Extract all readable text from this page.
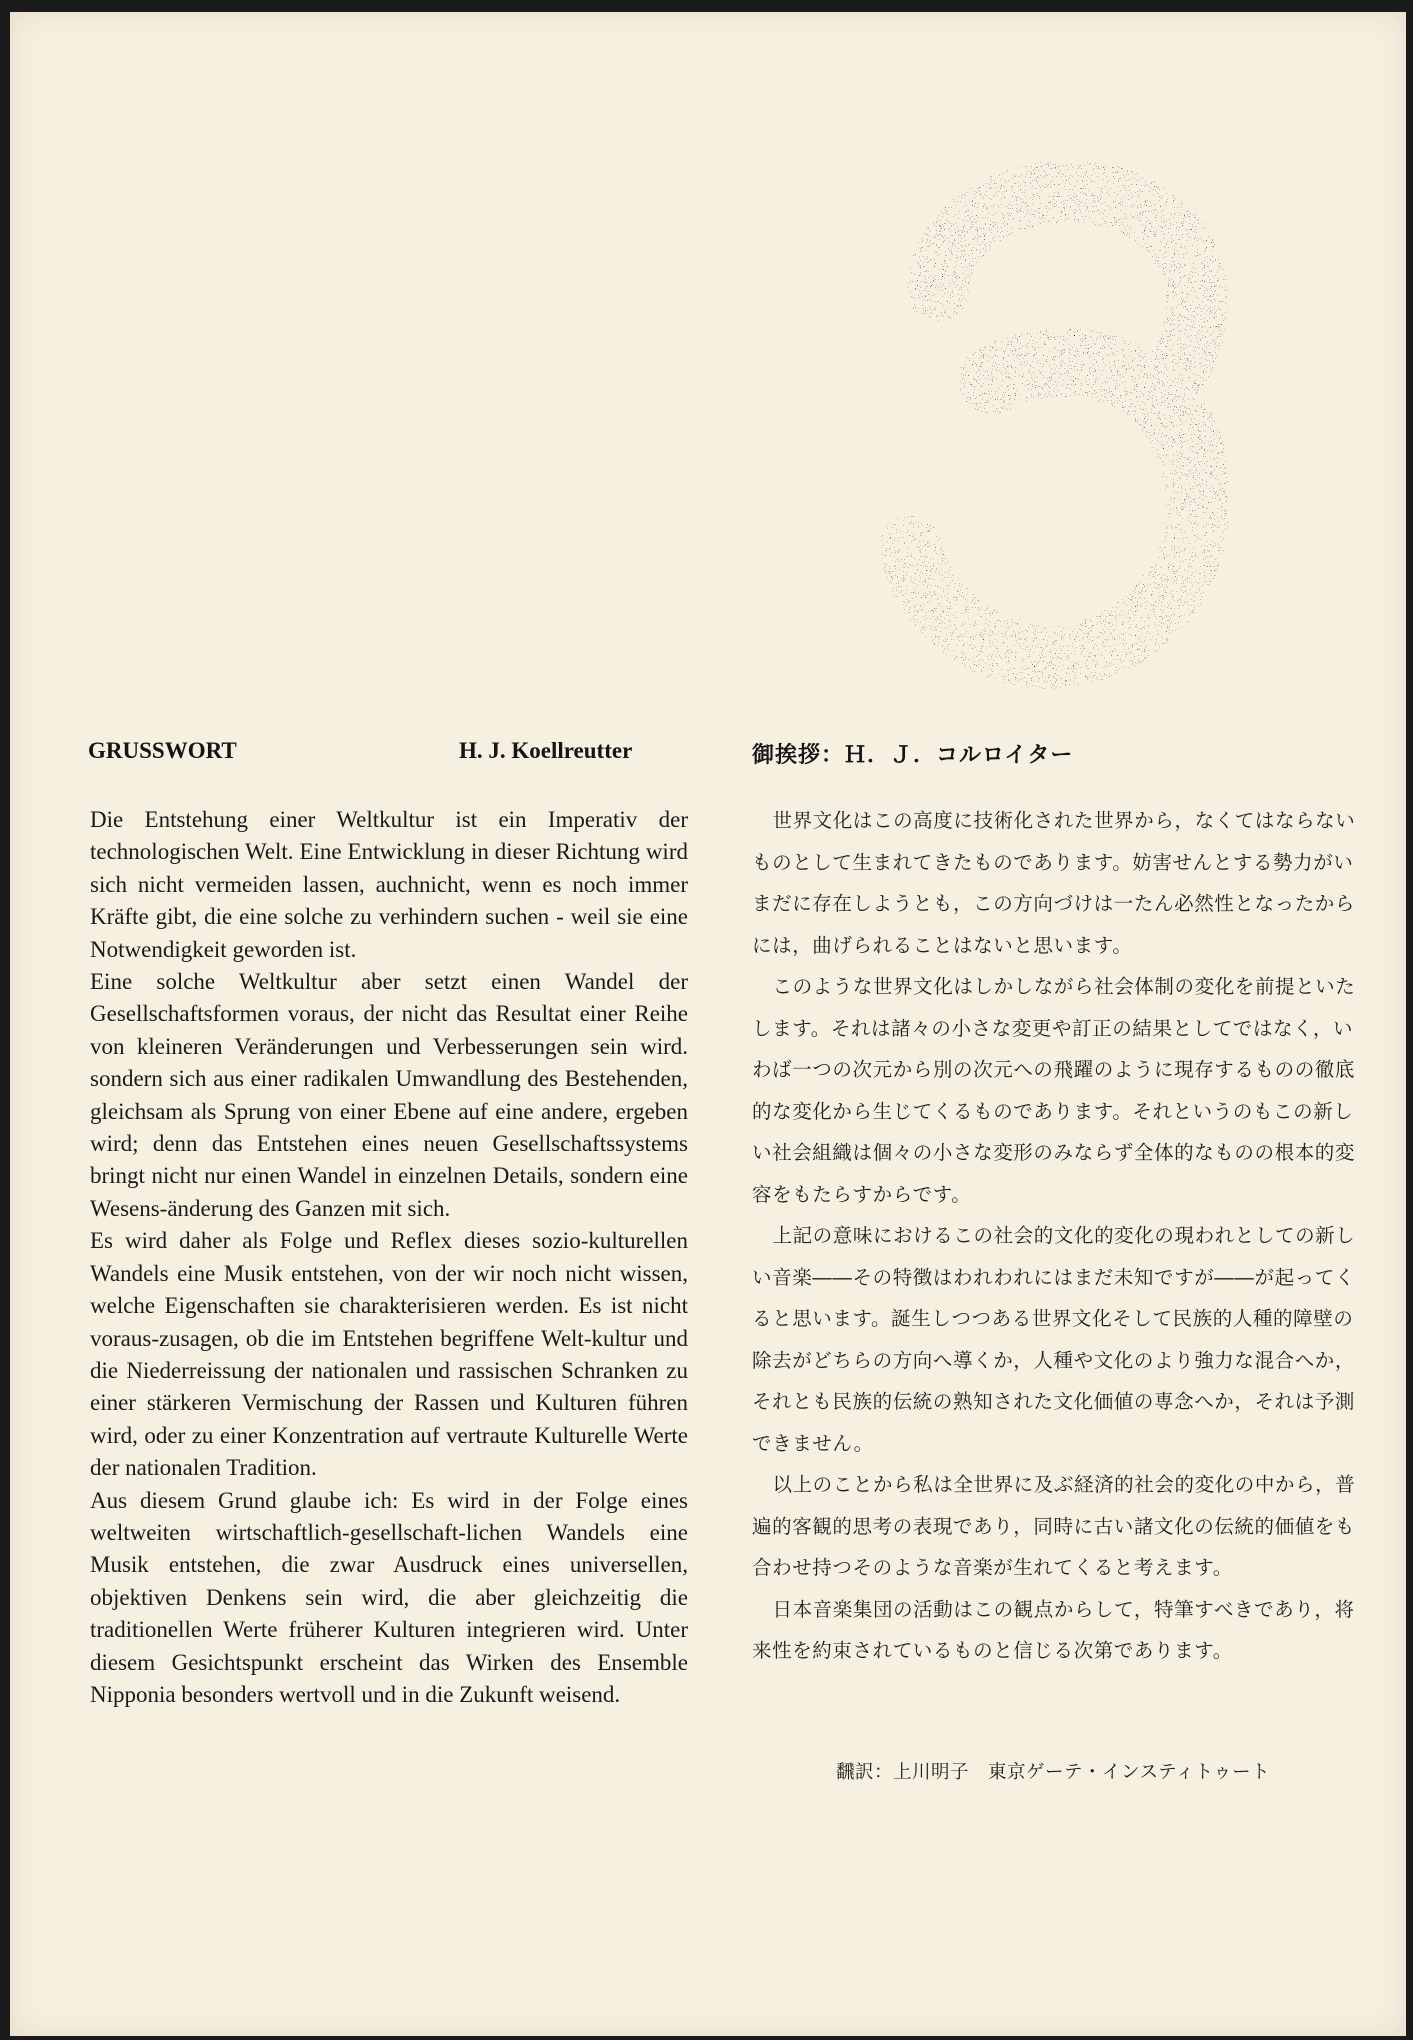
GRUSSWORT	H. J. Koellreutter	御挨拶：Ｈ．Ｊ．コルロイター

Die Entstehung einer Weltkultur ist ein Imperativ der technologischen Welt. Eine Entwicklung in dieser Richtung wird sich nicht vermeiden lassen, auchnicht, wenn es noch immer Kräfte gibt, die eine solche zu verhindern suchen - weil sie eine Notwendigkeit geworden ist.

Eine solche Weltkultur aber setzt einen Wandel der Gesellschaftsformen voraus, der nicht das Resultat einer Reihe von kleineren Veränderungen und Verbesserungen sein wird. sondern sich aus einer radikalen Umwandlung des Bestehenden, gleichsam als Sprung von einer Ebene auf eine andere, ergeben wird; denn das Entstehen eines neuen Gesellschaftssystems bringt nicht nur einen Wandel in einzelnen Details, sondern eine Wesens-änderung des Ganzen mit sich.

Es wird daher als Folge und Reflex dieses sozio-kulturellen Wandels eine Musik entstehen, von der wir noch nicht wissen, welche Eigenschaften sie charakterisieren werden. Es ist nicht voraus-zusagen, ob die im Entstehen begriffene Welt-kultur und die Niederreissung der nationalen und rassischen Schranken zu einer stärkeren Vermischung der Rassen und Kulturen führen wird, oder zu einer Konzentration auf vertraute Kulturelle Werte der nationalen Tradition.

Aus diesem Grund glaube ich: Es wird in der Folge eines weltweiten wirtschaftlich-gesellschaft-lichen Wandels eine Musik entstehen, die zwar Ausdruck eines universellen, objektiven Denkens sein wird, die aber gleichzeitig die traditionellen Werte früherer Kulturen integrieren wird. Unter diesem Gesichtspunkt erscheint das Wirken des Ensemble Nipponia besonders wertvoll und in die Zukunft weisend.

世界文化はこの高度に技術化された世界から，なくてはならないものとして生まれてきたものであります。妨害せんとする勢力がいまだに存在しようとも，この方向づけは一たん必然性となったからには，曲げられることはないと思います。

このような世界文化はしかしながら社会体制の変化を前提といたします。それは諸々の小さな変更や訂正の結果としてではなく，いわば一つの次元から別の次元への飛躍のように現存するものの徹底的な変化から生じてくるものであります。それというのもこの新しい社会組織は個々の小さな変形のみならず全体的なものの根本的変容をもたらすからです。

上記の意味におけるこの社会的文化的変化の現われとしての新しい音楽――その特徴はわれわれにはまだ未知ですが――が起ってくると思います。誕生しつつある世界文化そして民族的人種的障壁の除去がどちらの方向へ導くか，人種や文化のより強力な混合へか，それとも民族的伝統の熟知された文化価値の専念へか，それは予測できません。

以上のことから私は全世界に及ぶ経済的社会的変化の中から，普遍的客観的思考の表現であり，同時に古い諸文化の伝統的価値をも合わせ持つそのような音楽が生れてくると考えます。

日本音楽集団の活動はこの観点からして，特筆すべきであり，将来性を約束されているものと信じる次第であります。

飜訳：上川明子　東京ゲーテ・インスティトゥート
